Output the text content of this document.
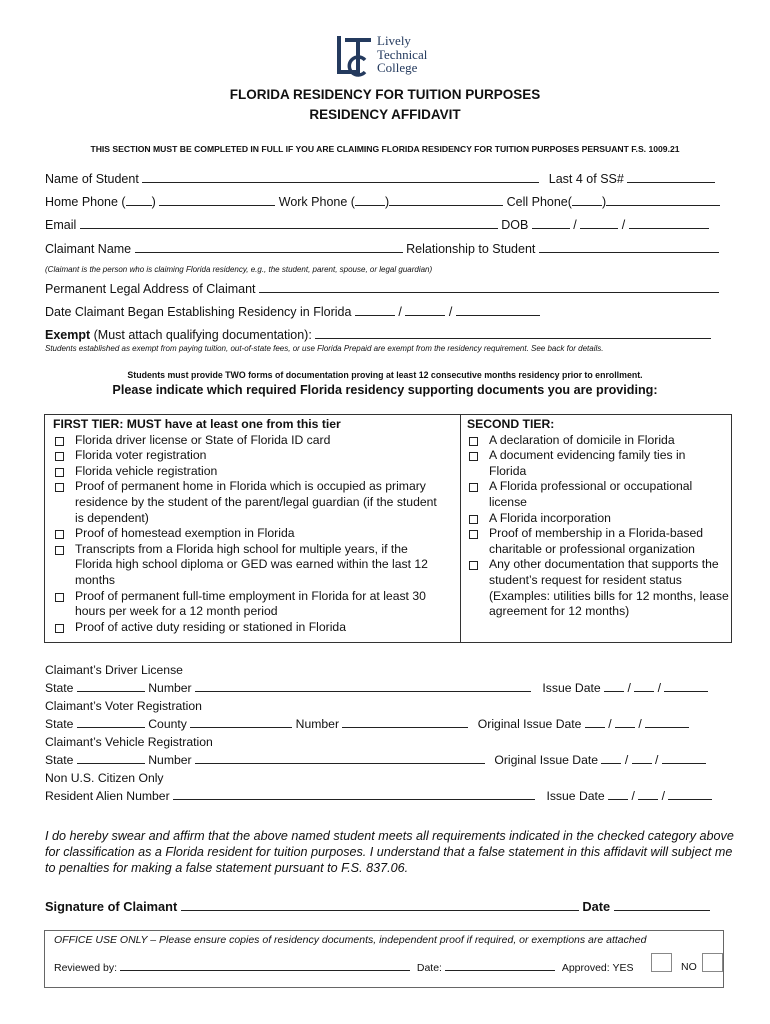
Lively
Technical
College
FLORIDA RESIDENCY FOR TUITION PURPOSES
RESIDENCY AFFIDAVIT
THIS SECTION MUST BE COMPLETED IN FULL IF YOU ARE CLAIMING FLORIDA RESIDENCY FOR TUITION PURPOSES PERSUANT F.S. 1009.21
Name of Student	Last 4 of SS#
Home Phone ( )	Work Phone ( )	Cell Phone( )
Email	DOB	/	/
Claimant Name	Relationship to Student
(Claimant is the person who is claiming Florida residency, e.g., the student, parent, spouse, or legal guardian)
Permanent Legal Address of Claimant
Date Claimant Began Establishing Residency in Florida	/	/
Exempt (Must attach qualifying documentation):
Students established as exempt from paying tuition, out-of-state fees, or use Florida Prepaid are exempt from the residency requirement. See back for details.
Students must provide TWO forms of documentation proving at least 12 consecutive months residency prior to enrollment.
Please indicate which required Florida residency supporting documents you are providing:
FIRST TIER: MUST have at least one from this tier
Florida driver license or State of Florida ID card
Florida voter registration
Florida vehicle registration
Proof of permanent home in Florida which is occupied as primary residence by the student of the parent/legal guardian (if the student is dependent)
Proof of homestead exemption in Florida
Transcripts from a Florida high school for multiple years, if the Florida high school diploma or GED was earned within the last 12 months
Proof of permanent full-time employment in Florida for at least 30 hours per week for a 12 month period
Proof of active duty residing or stationed in Florida
SECOND TIER:
A declaration of domicile in Florida
A document evidencing family ties in Florida
A Florida professional or occupational license
A Florida incorporation
Proof of membership in a Florida-based charitable or professional organization
Any other documentation that supports the student’s request for resident status (Examples: utilities bills for 12 months, lease agreement for 12 months)
Claimant’s Driver License
State	Number	Issue Date / /
Claimant’s Voter Registration
State	County	Number	Original Issue Date / /
Claimant’s Vehicle Registration
State	Number	Original Issue Date / /
Non U.S. Citizen Only
Resident Alien Number	Issue Date / /
I do hereby swear and affirm that the above named student meets all requirements indicated in the checked category above for classification as a Florida resident for tuition purposes. I understand that a false statement in this affidavit will subject me to penalties for making a false statement pursuant to F.S. 837.06.
Signature of Claimant	Date
OFFICE USE ONLY – Please ensure copies of residency documents, independent proof if required, or exemptions are attached
Reviewed by:	Date:	Approved: YES	NO
